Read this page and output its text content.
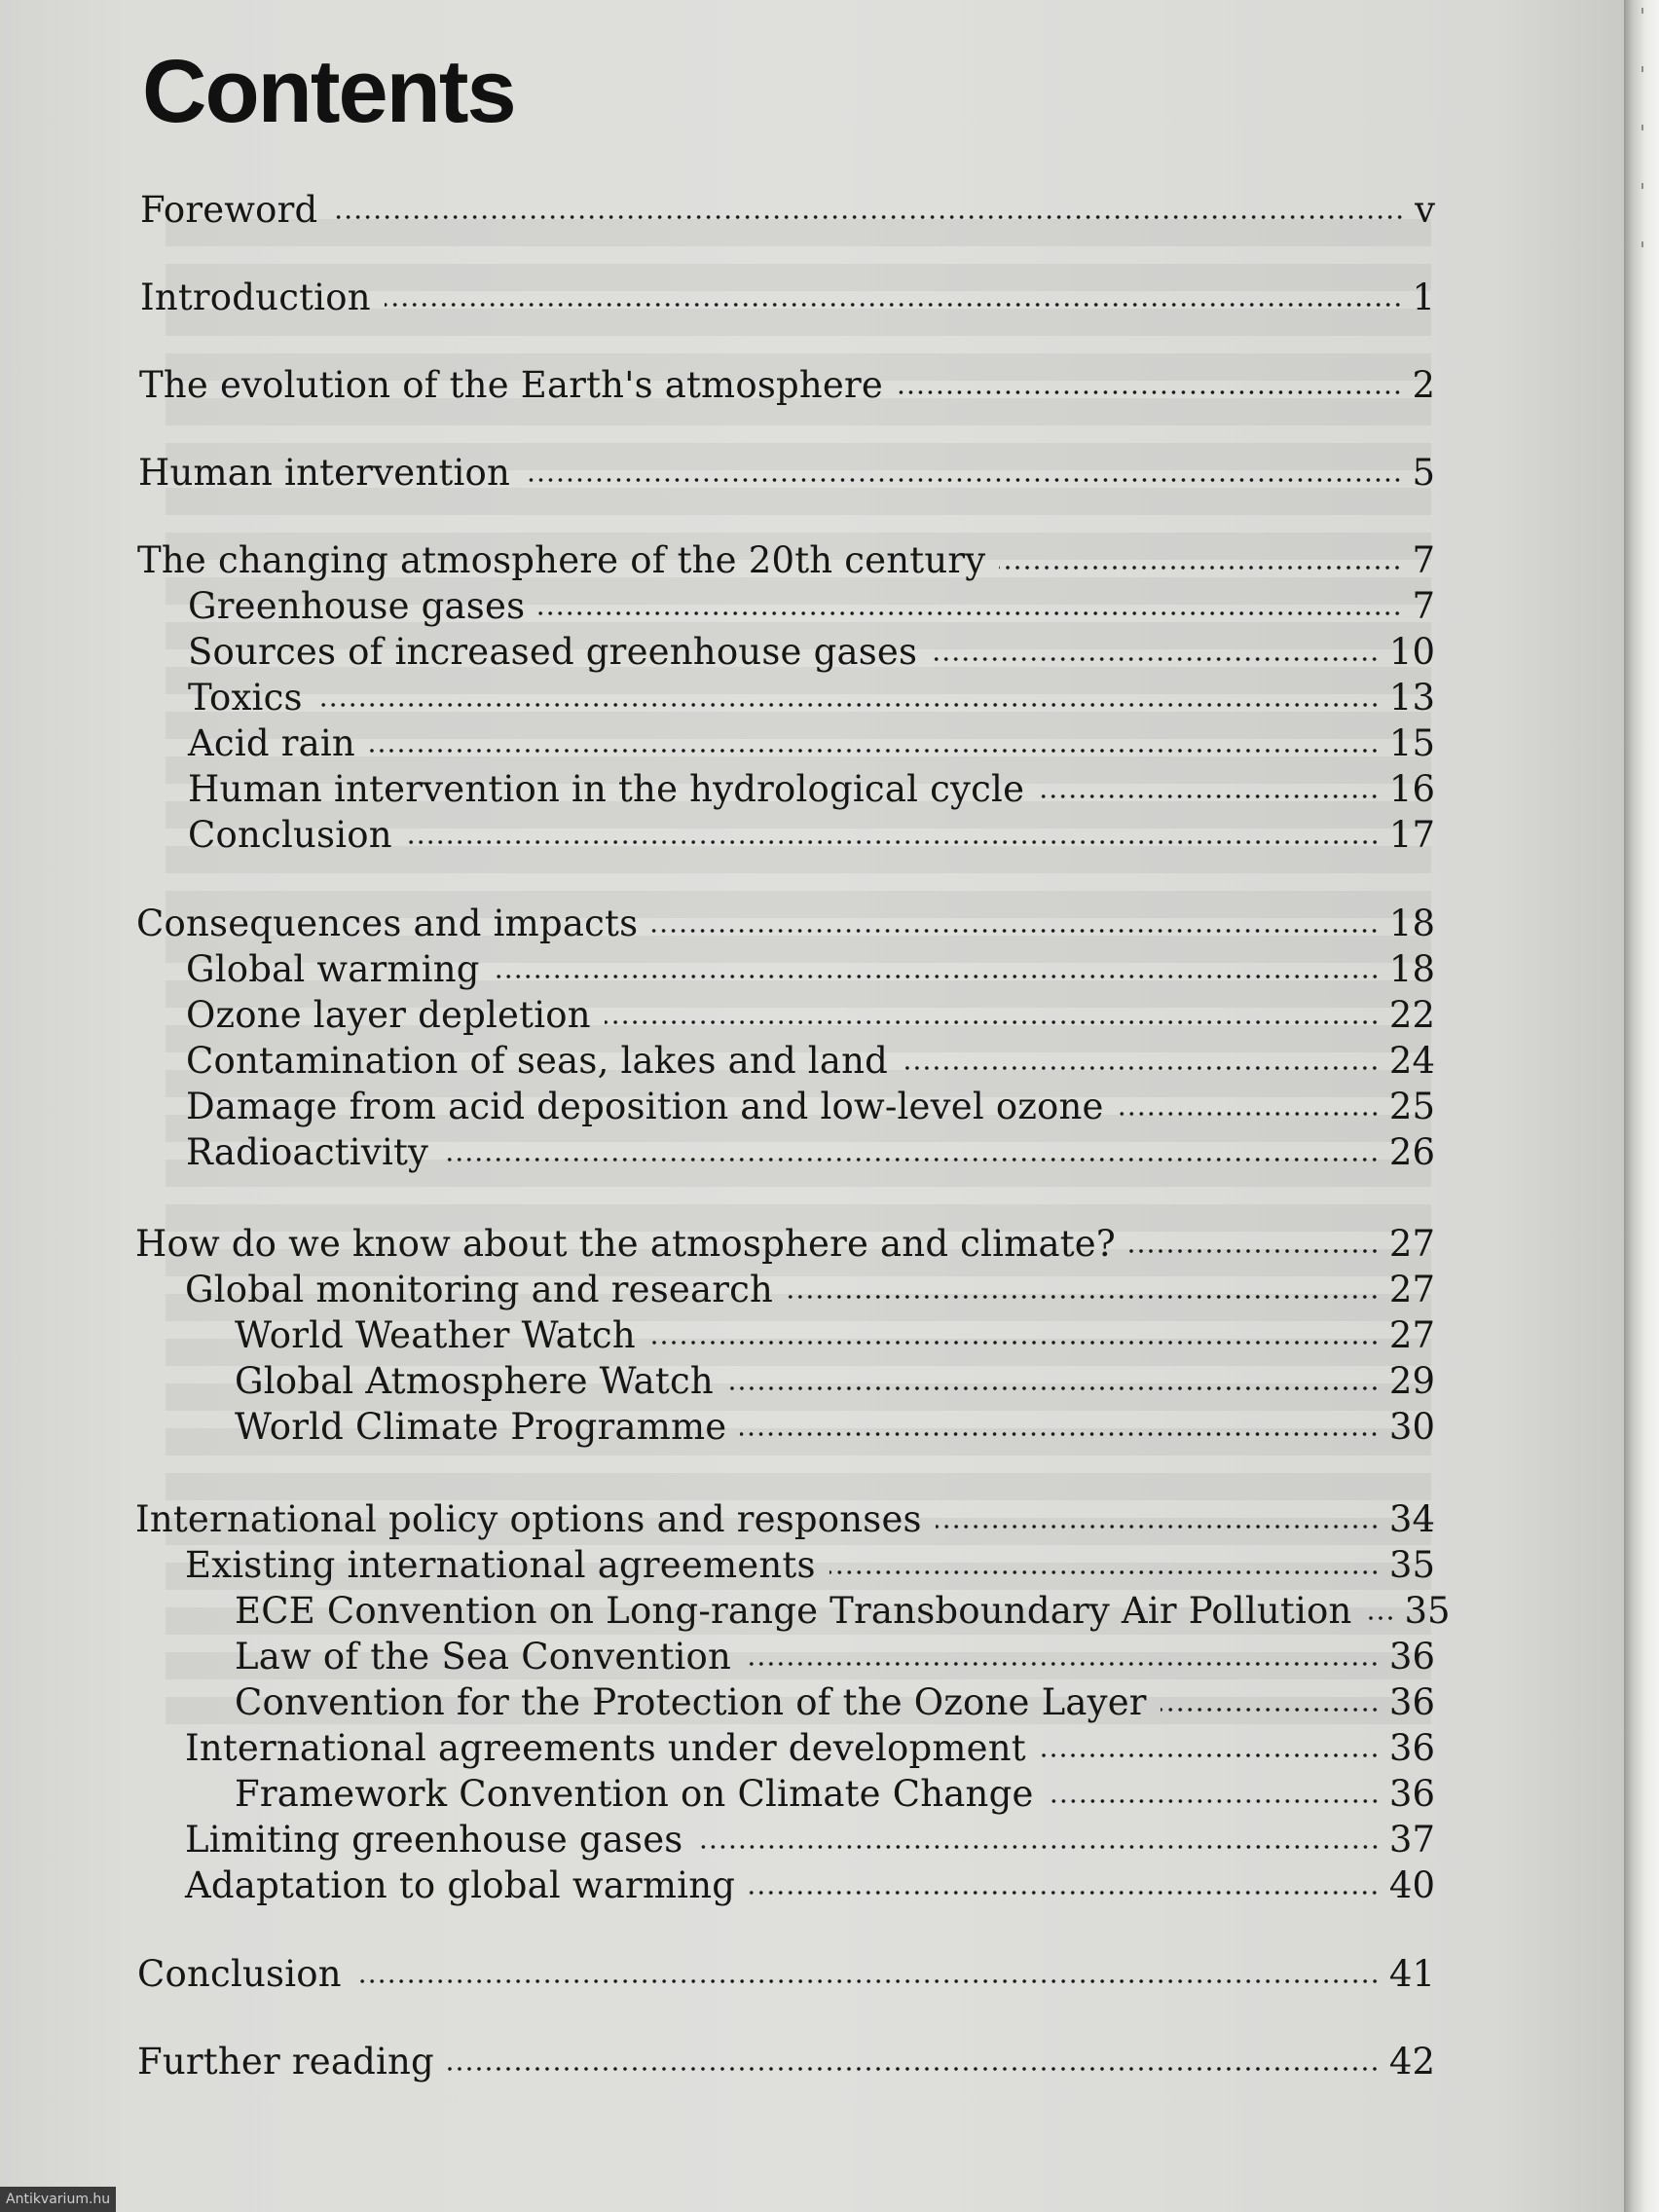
Contents
Foreword	v
Introduction	1
The evolution of the Earth's atmosphere	2
Human intervention	5
The changing atmosphere of the 20th century	7
Greenhouse gases	7
Sources of increased greenhouse gases	10
Toxics	13
Acid rain	15
Human intervention in the hydrological cycle	16
Conclusion	17
Consequences and impacts	18
Global warming	18
Ozone layer depletion	22
Contamination of seas, lakes and land	24
Damage from acid deposition and low-level ozone	25
Radioactivity	26
How do we know about the atmosphere and climate?	27
Global monitoring and research	27
World Weather Watch	27
Global Atmosphere Watch	29
World Climate Programme	30
International policy options and responses	34
Existing international agreements	35
ECE Convention on Long-range Transboundary Air Pollution 35
Law of the Sea Convention	36
Convention for the Protection of the Ozone Layer	36
International agreements under development	36
Framework Convention on Climate Change	36
Limiting greenhouse gases	37
Adaptation to global warming	40
Conclusion	41
Further reading	42
Antikvarium.hu
